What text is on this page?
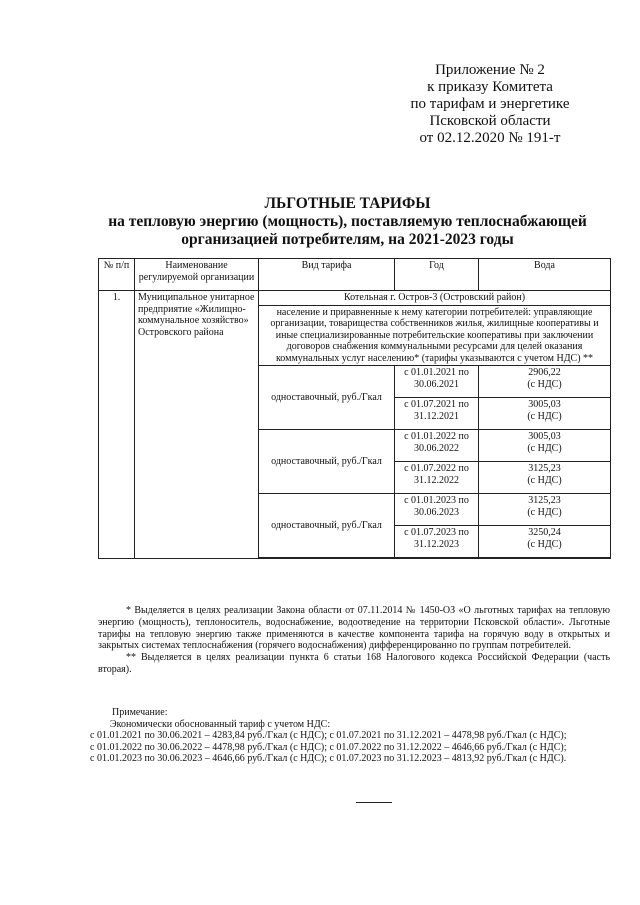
Приложение № 2
к приказу Комитета
по тарифам и энергетике
Псковской области
от 02.12.2020 № 191-т
ЛЬГОТНЫЕ ТАРИФЫ
на тепловую энергию (мощность), поставляемую теплоснабжающей
организацией потребителям, на 2021-2023 годы
№ п/п	Наименование регулируемой организации	Вид тарифа	Год	Вода
1.	Муниципальное унитарное предприятие «Жилищно-коммунальное хозяйство» Островского района	Котельная г. Остров-3 (Островский район)		
		население и приравненные к нему категории потребителей: управляющие организации, товарищества собственников жилья, жилищные кооперативы и иные специализированные потребительские кооперативы при заключении договоров снабжения коммунальными ресурсами для целей оказания коммунальных услуг населению* (тарифы указываются с учетом НДС) **		
		одноставочный, руб./Гкал	с 01.01.2021 по 30.06.2021	2906,22
(с НДС)

			с 01.07.2021 по 31.12.2021	3005,03
(с НДС)

		одноставочный, руб./Гкал	с 01.01.2022 по 30.06.2022	3005,03
(с НДС)

			с 01.07.2022 по 31.12.2022	3125,23
(с НДС)

		одноставочный, руб./Гкал	с 01.01.2023 по 30.06.2023	3125,23
(с НДС)

			с 01.07.2023 по 31.12.2023	3250,24
(с НДС)

* Выделяется в целях реализации Закона области от 07.11.2014 № 1450-ОЗ «О льготных тарифах на тепловую энергию (мощность), теплоноситель, водоснабжение, водоотведение на территории Псковской области». Льготные тарифы на тепловую энергию также применяются в качестве компонента тарифа на горячую воду в открытых и закрытых системах теплоснабжения (горячего водоснабжения) дифференцированно по группам потребителей.

** Выделяется в целях реализации пункта 6 статьи 168 Налогового кодекса Российской Федерации (часть вторая).

Примечание:
Экономически обоснованный тариф с учетом НДС:
с 01.01.2021 по 30.06.2021 – 4283,84 руб./Гкал (с НДС); с 01.07.2021 по 31.12.2021 – 4478,98 руб./Гкал (с НДС);
с 01.01.2022 по 30.06.2022 – 4478,98 руб./Гкал (с НДС); с 01.07.2022 по 31.12.2022 – 4646,66 руб./Гкал (с НДС);
с 01.01.2023 по 30.06.2023 – 4646,66 руб./Гкал (с НДС); с 01.07.2023 по 31.12.2023 – 4813,92 руб./Гкал (с НДС).
